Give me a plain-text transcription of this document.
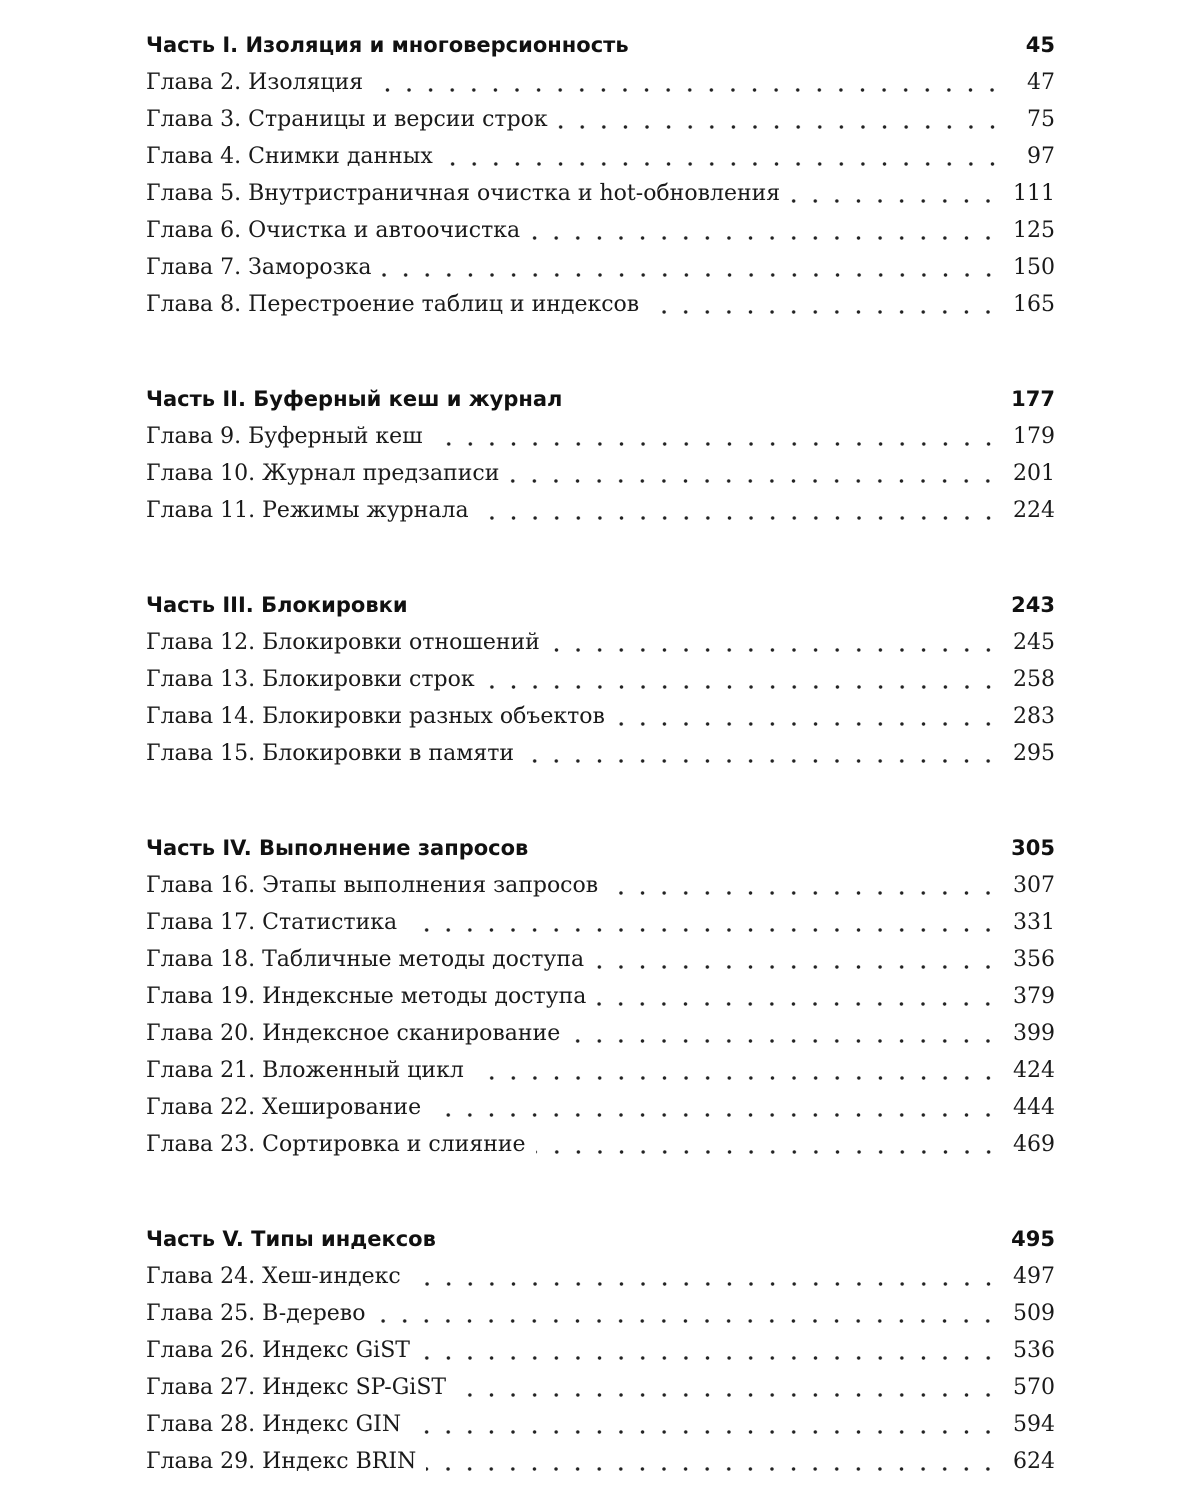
Часть I. Изоляция и многоверсионность	45
Глава 2. Изоляция	47
Глава 3. Страницы и версии строк	75
Глава 4. Снимки данных	97
Глава 5. Внутристраничная очистка и hot-обновления	111
Глава 6. Очистка и автоочистка	125
Глава 7. Заморозка	150
Глава 8. Перестроение таблиц и индексов	165
Часть II. Буферный кеш и журнал	177
Глава 9. Буферный кеш	179
Глава 10. Журнал предзаписи	201
Глава 11. Режимы журнала	224
Часть III. Блокировки	243
Глава 12. Блокировки отношений	245
Глава 13. Блокировки строк	258
Глава 14. Блокировки разных объектов	283
Глава 15. Блокировки в памяти	295
Часть IV. Выполнение запросов	305
Глава 16. Этапы выполнения запросов	307
Глава 17. Статистика	331
Глава 18. Табличные методы доступа	356
Глава 19. Индексные методы доступа	379
Глава 20. Индексное сканирование	399
Глава 21. Вложенный цикл	424
Глава 22. Хеширование	444
Глава 23. Сортировка и слияние	469
Часть V. Типы индексов	495
Глава 24. Хеш-индекс	497
Глава 25. B-дерево	509
Глава 26. Индекс GiST	536
Глава 27. Индекс SP-GiST	570
Глава 28. Индекс GIN	594
Глава 29. Индекс BRIN	624
